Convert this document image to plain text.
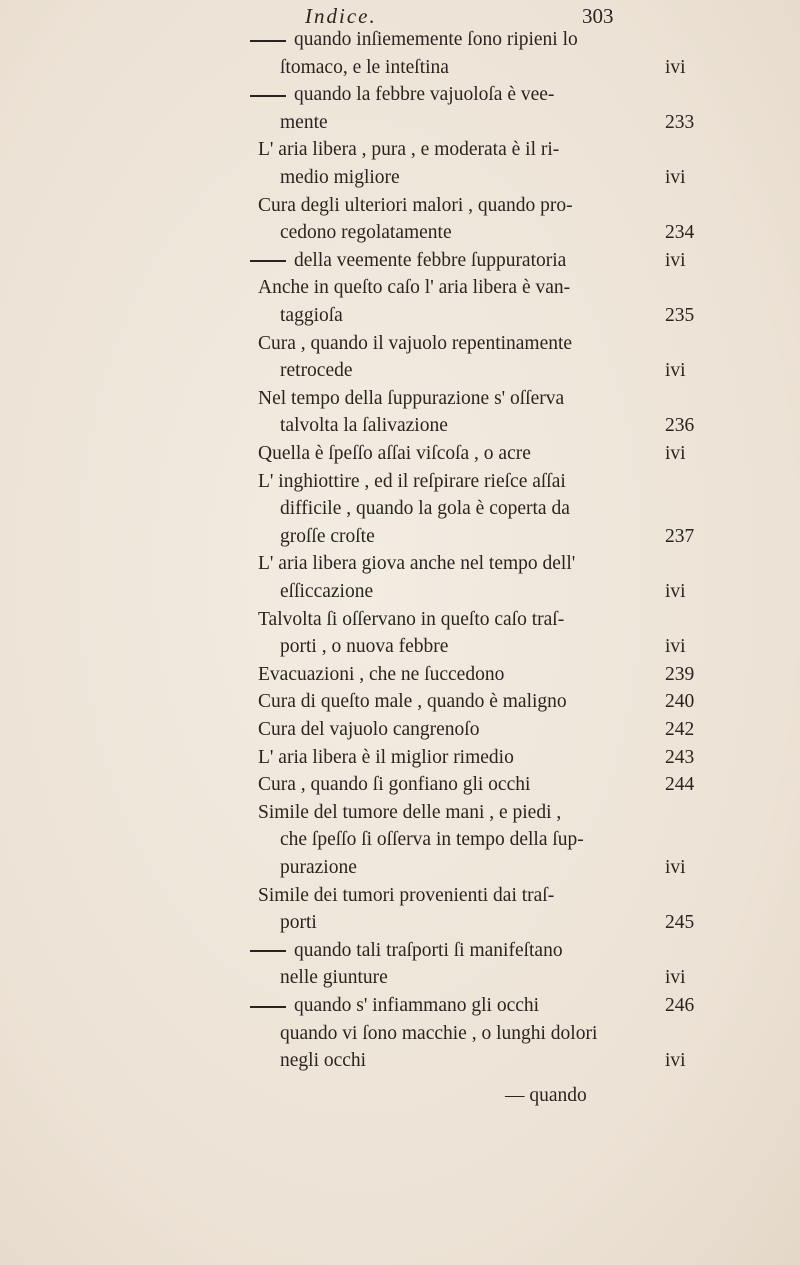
Indice.	303
quando inſiememente ſono ripieni lo
ſtomaco, e le inteſtina	ivi
quando la febbre vajuoloſa è vee-
mente	233
L' aria libera , pura , e moderata è il ri-
medio migliore	ivi
Cura degli ulteriori malori , quando pro-
cedono regolatamente	234
della veemente febbre ſuppuratoria	ivi
Anche in queſto caſo l' aria libera è van-
taggioſa	235
Cura , quando il vajuolo repentinamente
retrocede	ivi
Nel tempo della ſuppurazione s' oſſerva
talvolta la ſalivazione	236
Quella è ſpeſſo aſſai viſcoſa , o acre	ivi
L' inghiottire , ed il reſpirare rieſce aſſai
difficile , quando la gola è coperta da
groſſe croſte	237
L' aria libera giova anche nel tempo dell'
eſſiccazione	ivi
Talvolta ſi oſſervano in queſto caſo traſ-
porti , o nuova febbre	ivi
Evacuazioni , che ne ſuccedono	239
Cura di queſto male , quando è maligno	240
Cura del vajuolo cangrenoſo	242
L' aria libera è il miglior rimedio	243
Cura , quando ſi gonfiano gli occhi	244
Simile del tumore delle mani , e piedi ,
che ſpeſſo ſi oſſerva in tempo della ſup-
purazione	ivi
Simile dei tumori provenienti dai traſ-
porti	245
quando tali traſporti ſi manifeſtano
nelle giunture	ivi
quando s' infiammano gli occhi	246
quando vi ſono macchie , o lunghi dolori
negli occhi	ivi
— quando
